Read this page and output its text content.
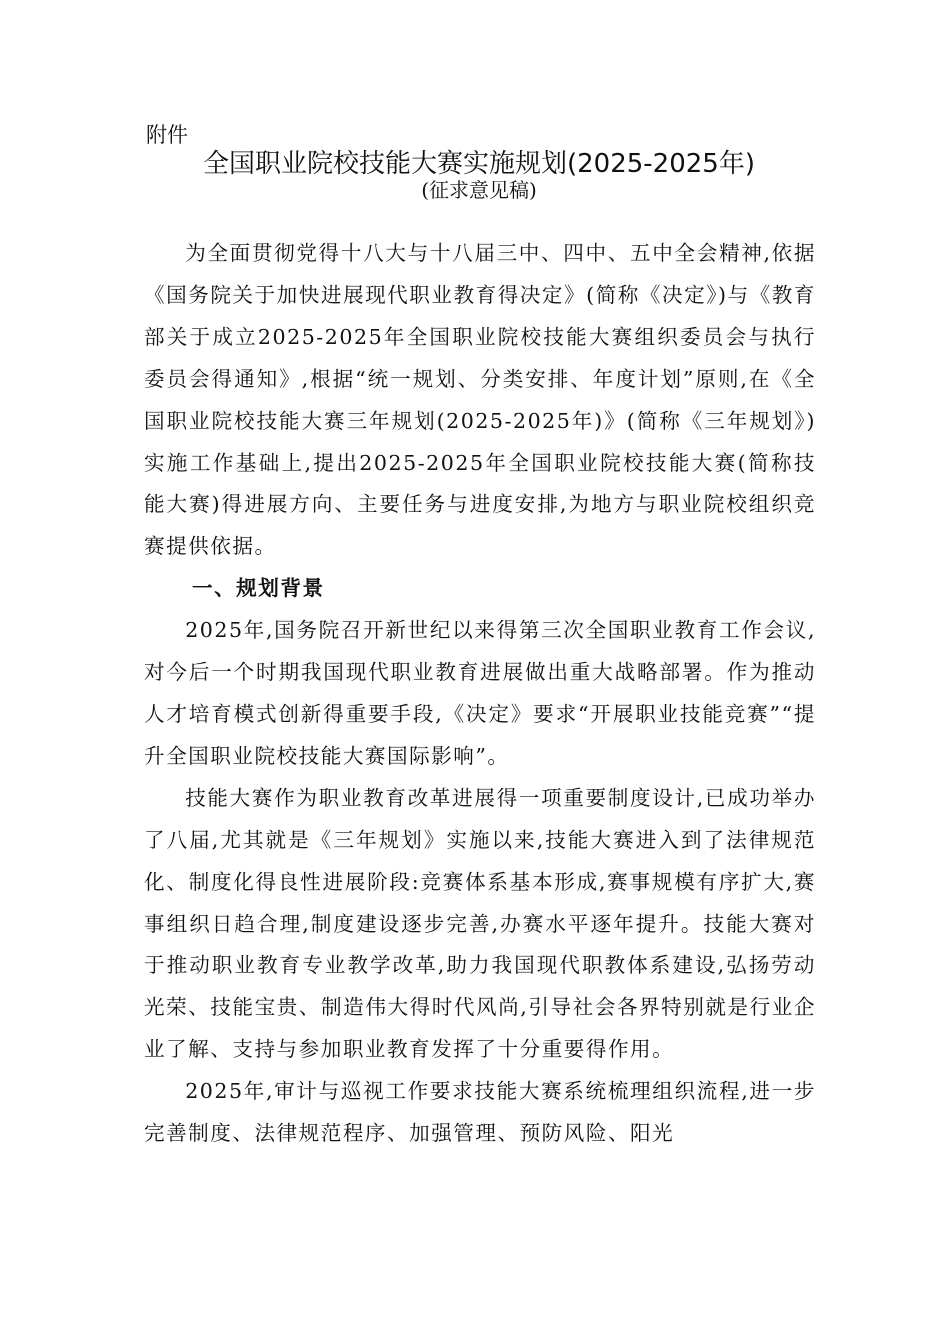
附件
全国职业院校技能大赛实施规划(2025-2025年)
(征求意见稿)

为全面贯彻党得十八大与十八届三中、四中、五中全会精神,依据《国务院关于加快进展现代职业教育得决定》(简称《决定》)与《教育部关于成立2025-2025年全国职业院校技能大赛组织委员会与执行委员会得通知》,根据“统一规划、分类安排、年度计划”原则,在《全国职业院校技能大赛三年规划(2025-2025年)》(简称《三年规划》)实施工作基础上,提出2025-2025年全国职业院校技能大赛(简称技能大赛)得进展方向、主要任务与进度安排,为地方与职业院校组织竞赛提供依据。

一、规划背景

2025年,国务院召开新世纪以来得第三次全国职业教育工作会议,对今后一个时期我国现代职业教育进展做出重大战略部署。作为推动人才培育模式创新得重要手段,《决定》要求“开展职业技能竞赛”“提升全国职业院校技能大赛国际影响”。

技能大赛作为职业教育改革进展得一项重要制度设计,已成功举办了八届,尤其就是《三年规划》实施以来,技能大赛进入到了法律规范化、制度化得良性进展阶段:竞赛体系基本形成,赛事规模有序扩大,赛事组织日趋合理,制度建设逐步完善,办赛水平逐年提升。技能大赛对于推动职业教育专业教学改革,助力我国现代职教体系建设,弘扬劳动光荣、技能宝贵、制造伟大得时代风尚,引导社会各界特别就是行业企业了解、支持与参加职业教育发挥了十分重要得作用。

2025年,审计与巡视工作要求技能大赛系统梳理组织流程,进一步完善制度、法律规范程序、加强管理、预防风险、阳光
